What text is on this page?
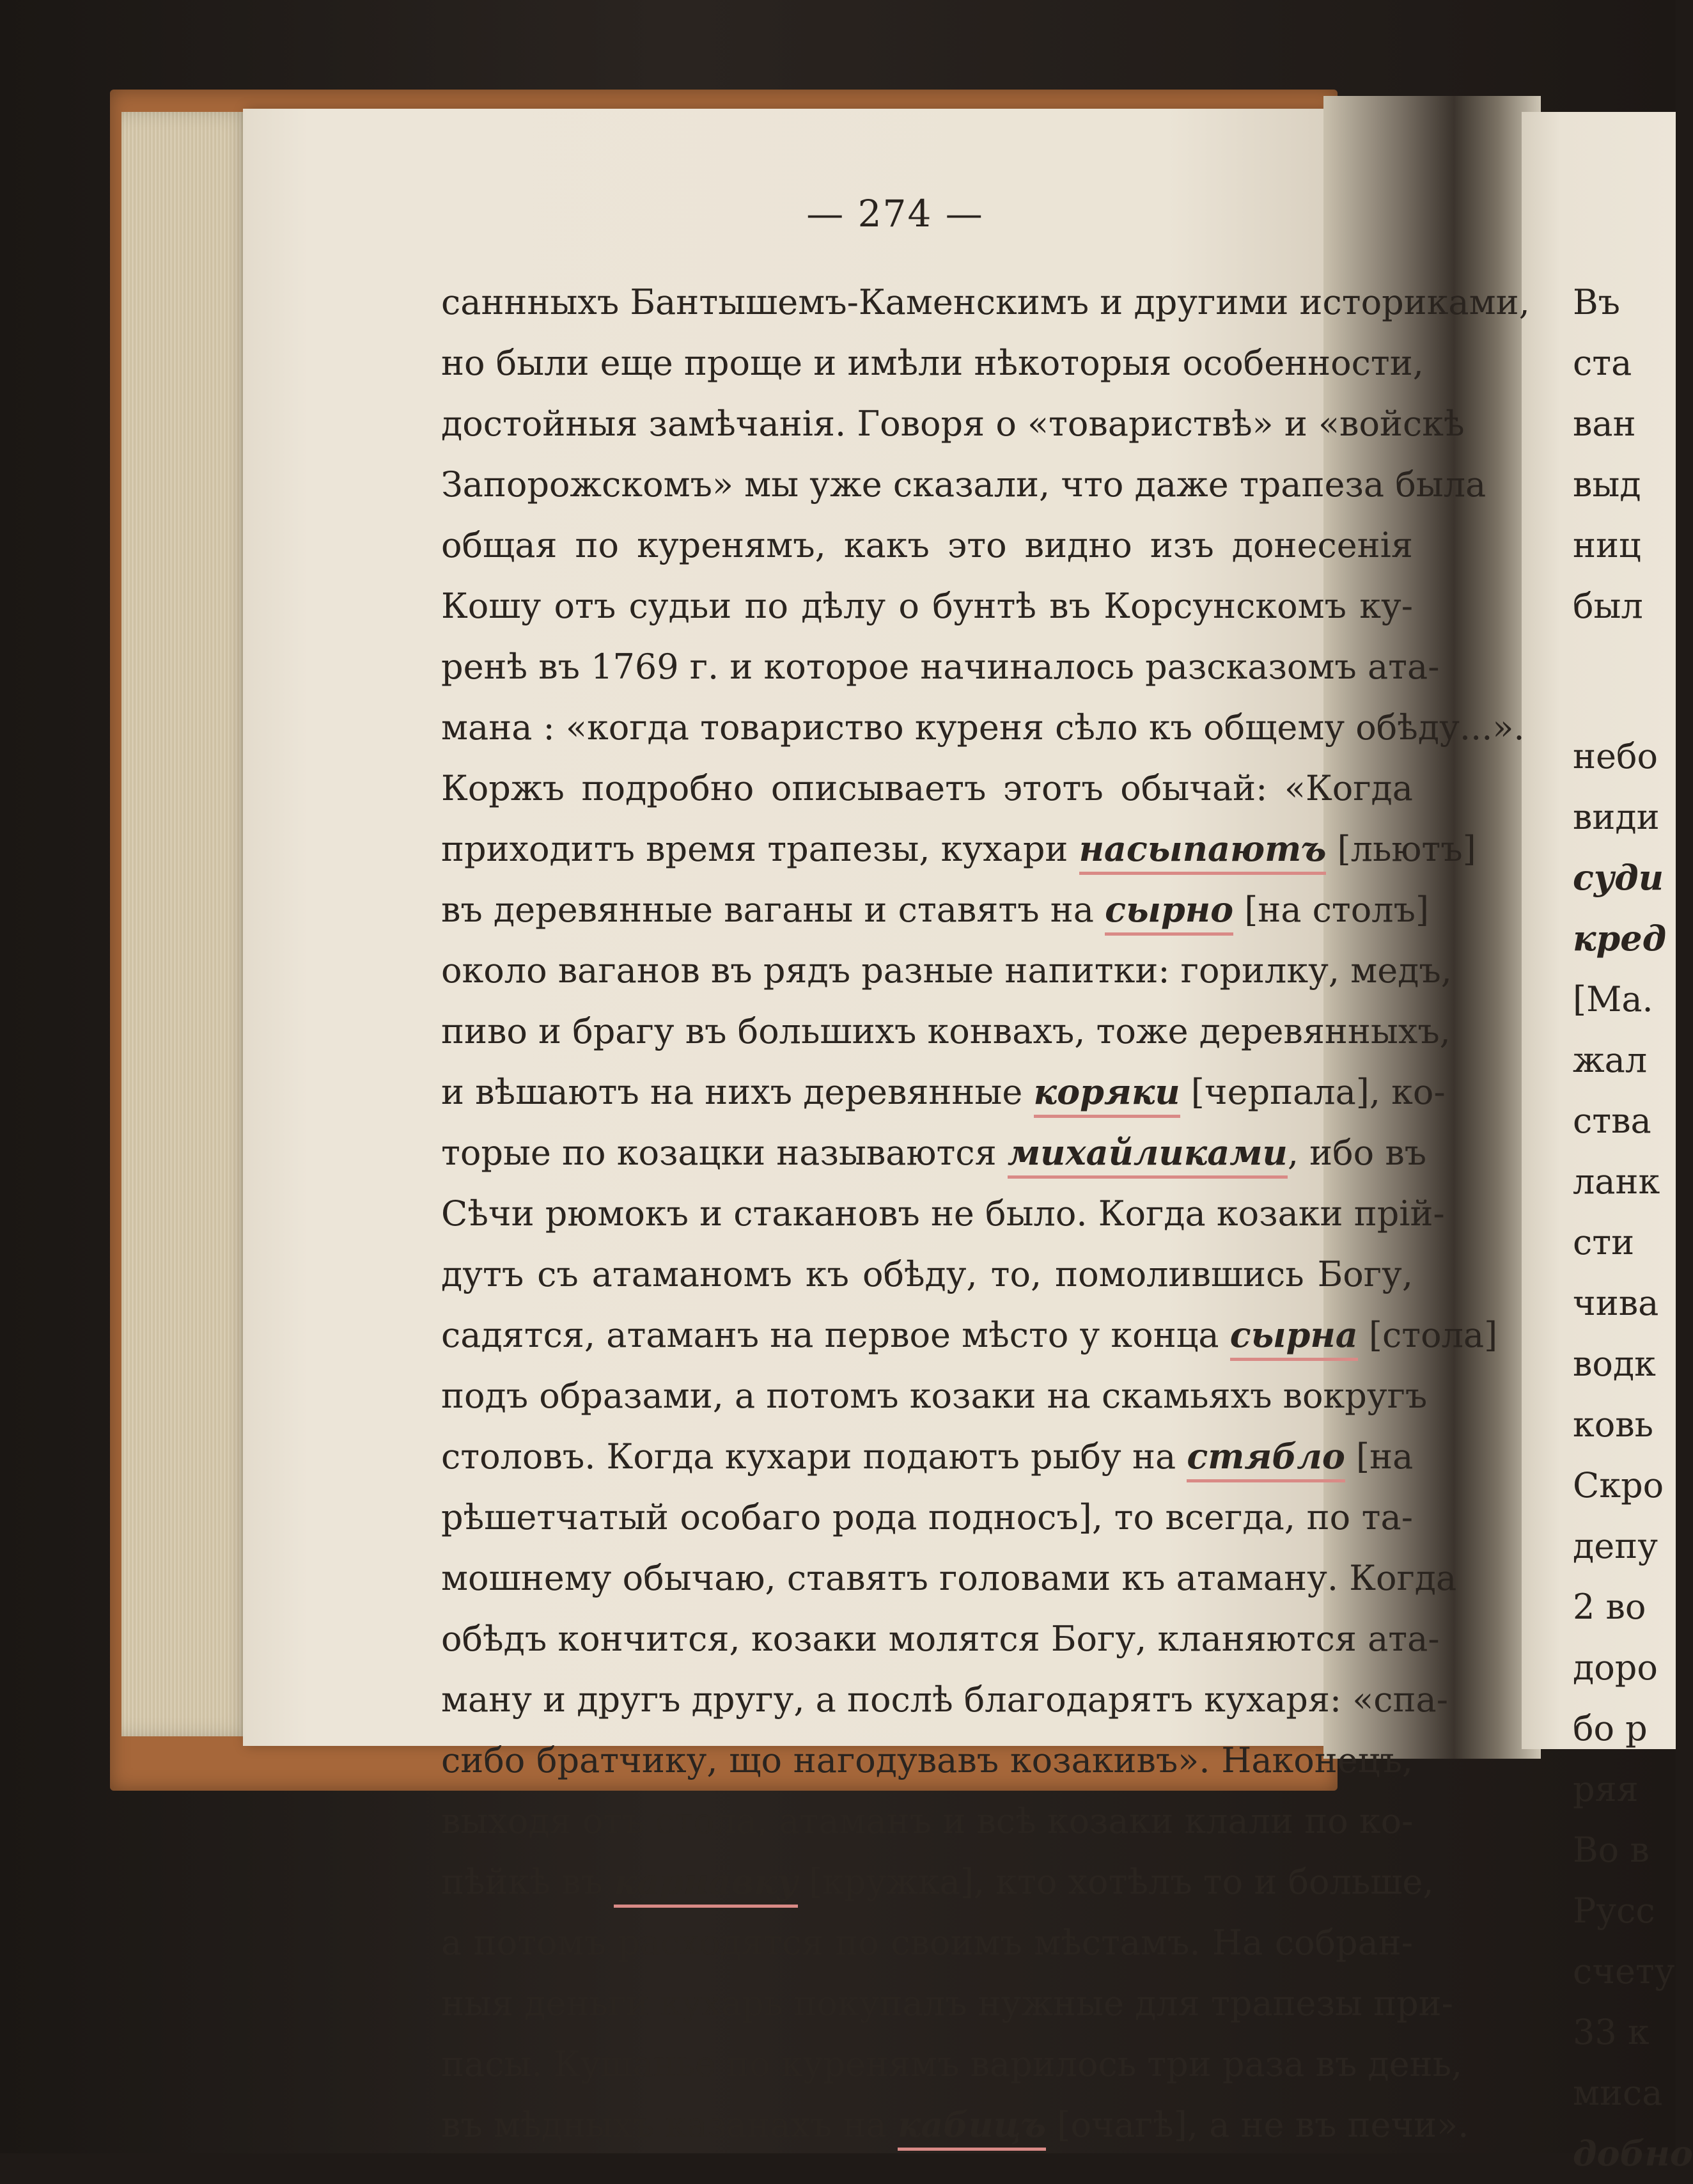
— 274 —
саннныхъ Бантышемъ-Каменскимъ и другими историками,
но были еще проще и имѣли нѣкоторыя особенности,
достойныя замѣчанія. Говоря о «товариствѣ» и «войскѣ
Запорожскомъ» мы уже сказали, что даже трапеза была
общая по куренямъ, какъ это видно изъ донесенія
Кошу отъ судьи по дѣлу о бунтѣ въ Корсунскомъ ку-
ренѣ въ 1769 г. и которое начиналось разсказомъ ата-
мана : «когда товариство куреня сѣло къ общему обѣду...».
Коржъ подробно описываетъ этотъ обычай: «Когда
приходитъ время трапезы, кухари насыпаютъ [льютъ]
въ деревянные ваганы и ставятъ на сырно [на столъ]
около ваганов въ рядъ разные напитки: горилку, медъ,
пиво и брагу въ большихъ конвахъ, тоже деревянныхъ,
и вѣшаютъ на нихъ деревянные коряки [черпала], ко-
торые по козацки называются михайликами, ибо въ
Сѣчи рюмокъ и стакановъ не было. Когда козаки прій-
дутъ съ атаманомъ къ обѣду, то, помолившись Богу,
садятся, атаманъ на первое мѣсто у конца сырна [стола]
подъ образами, а потомъ козаки на скамьяхъ вокругъ
столовъ. Когда кухари подаютъ рыбу на стябло [на
рѣшетчатый особаго рода подносъ], то всегда, по та-
мошнему обычаю, ставятъ головами къ атаману. Когда
обѣдъ кончится, козаки молятся Богу, кланяются ата-
ману и другъ другу, а послѣ благодарятъ кухаря: «спа-
сибо братчику, що нагодувавъ козакивъ». Наконецъ,
выходя отъ стола, атаманъ и всѣ козаки клали по ко-
пѣйкѣ въ карнавку [кружка], кто хотѣлъ то и больше,
а потомъ расходятся по своимъ мѣстамъ. На собран-
ныя деньги кухарь покупалъ нужные для трапезы при-
пасы. Кушанье по куренямъ варилось три раза въ день,
въ мѣдныхъ казанахъ на кабицъ [очагѣ], а не въ печи».
Въ
ста
ван
выд
ниц
был
небо
види
суди
кред
[Ма.
жал
ства
ланк
сти
чива
водк
ковь
Скро
депу
2 во
доро
бо р
ряя
Во в
Русс
счету
33 к
миса
добно
